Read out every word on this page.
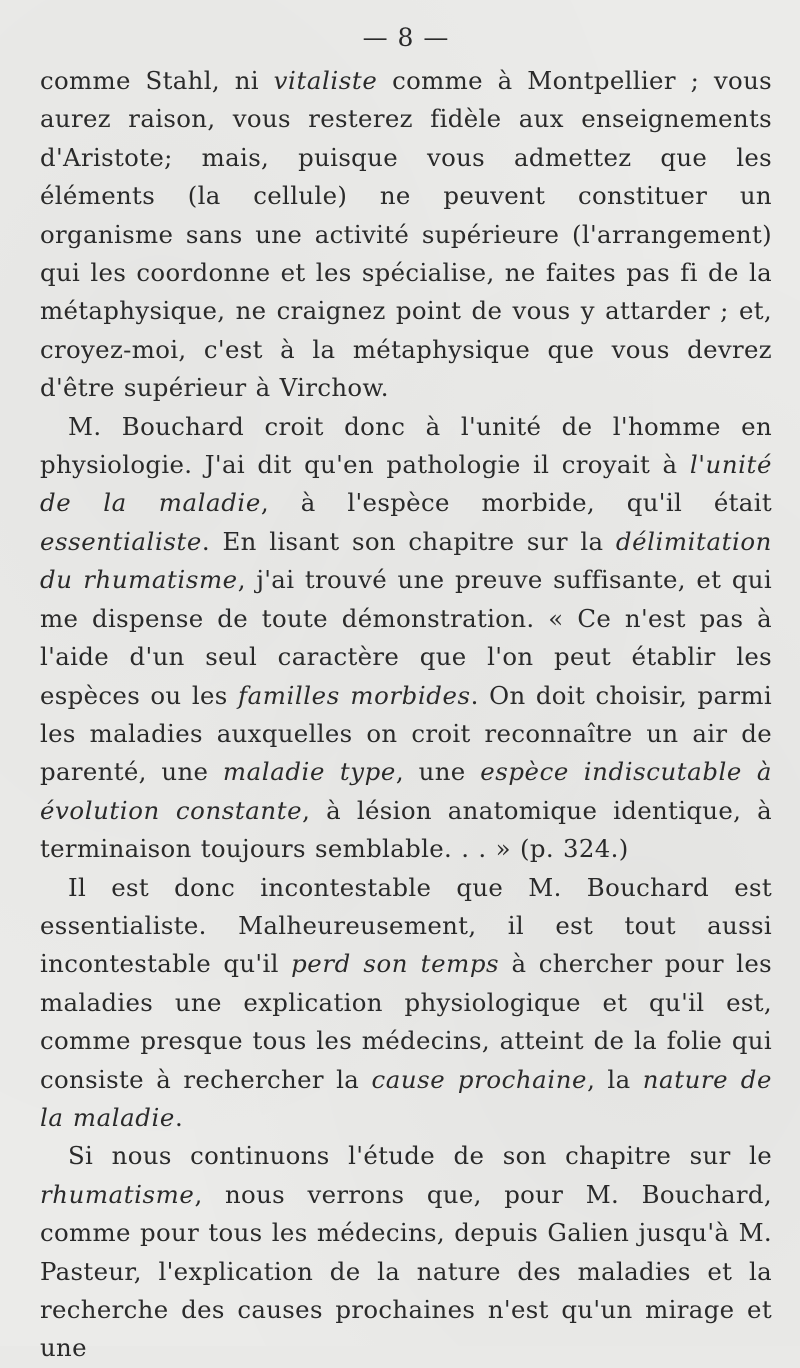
— 8 —

comme Stahl, ni vitaliste comme à Montpellier ; vous aurez raison, vous resterez fidèle aux enseignements d'Aristote; mais, puisque vous admettez que les éléments (la cellule) ne peuvent constituer un organisme sans une activité supérieure (l'arrangement) qui les coordonne et les spécialise, ne faites pas fi de la métaphysique, ne craignez point de vous y attarder ; et, croyez-moi, c'est à la métaphysique que vous devrez d'être supérieur à Virchow.

M. Bouchard croit donc à l'unité de l'homme en physiologie. J'ai dit qu'en pathologie il croyait à l'unité de la maladie, à l'espèce morbide, qu'il était essentialiste. En lisant son chapitre sur la délimitation du rhumatisme, j'ai trouvé une preuve suffisante, et qui me dispense de toute démonstration. « Ce n'est pas à l'aide d'un seul caractère que l'on peut établir les espèces ou les familles morbides. On doit choisir, parmi les maladies auxquelles on croit reconnaître un air de parenté, une maladie type, une espèce indiscutable à évolution constante, à lésion anatomique identique, à terminaison toujours semblable. . . » (p. 324.)

Il est donc incontestable que M. Bouchard est essentialiste. Malheureusement, il est tout aussi incontestable qu'il perd son temps à chercher pour les maladies une explication physiologique et qu'il est, comme presque tous les médecins, atteint de la folie qui consiste à rechercher la cause prochaine, la nature de la maladie.

Si nous continuons l'étude de son chapitre sur le rhumatisme, nous verrons que, pour M. Bouchard, comme pour tous les médecins, depuis Galien jusqu'à M. Pasteur, l'explication de la nature des maladies et la recherche des causes prochaines n'est qu'un mirage et une
